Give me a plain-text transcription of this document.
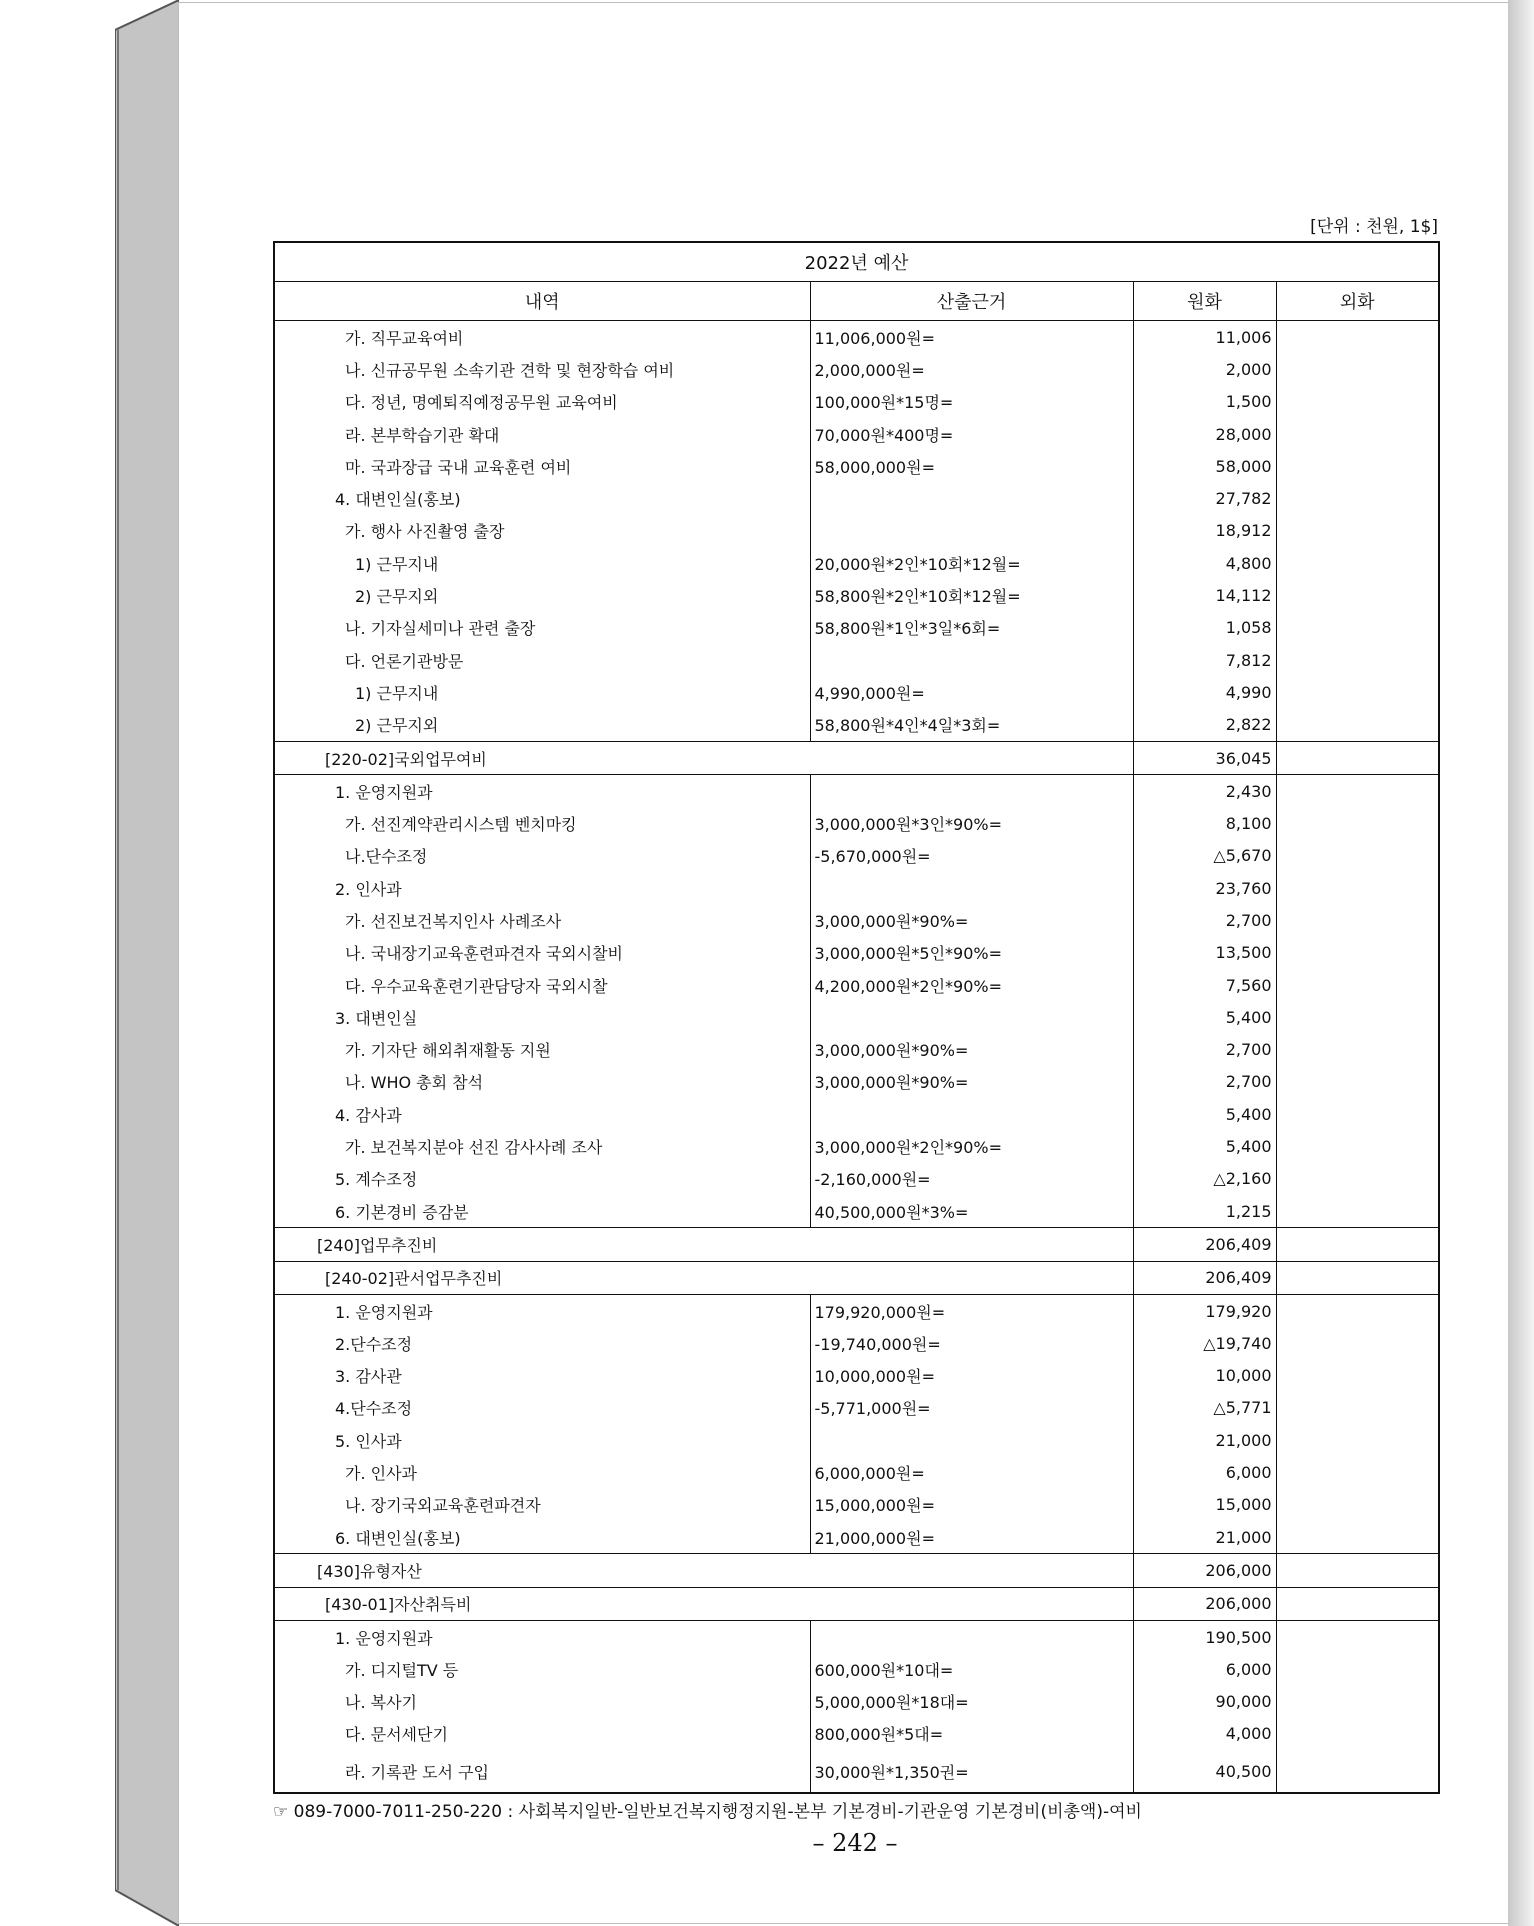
[단위 : 천원, 1$]
2022년 예산			
내역	산출근거	원화	외화
가. 직무교육여비	11,006,000원=	11,006	
나. 신규공무원 소속기관 견학 및 현장학습 여비	2,000,000원=	2,000	
다. 정년, 명예퇴직예정공무원 교육여비	100,000원*15명=	1,500	
라. 본부학습기관 확대	70,000원*400명=	28,000	
마. 국과장급 국내 교육훈련 여비	58,000,000원=	58,000	
4. 대변인실(홍보)		27,782	
가. 행사 사진촬영 출장		18,912	
1) 근무지내	20,000원*2인*10회*12월=	4,800	
2) 근무지외	58,800원*2인*10회*12월=	14,112	
나. 기자실세미나 관련 출장	58,800원*1인*3일*6회=	1,058	
다. 언론기관방문		7,812	
1) 근무지내	4,990,000원=	4,990	
2) 근무지외	58,800원*4인*4일*3회=	2,822	
[220-02]국외업무여비		36,045	
1. 운영지원과		2,430	
가. 선진계약관리시스템 벤치마킹	3,000,000원*3인*90%=	8,100	
나.단수조정	-5,670,000원=	△5,670	
2. 인사과		23,760	
가. 선진보건복지인사 사례조사	3,000,000원*90%=	2,700	
나. 국내장기교육훈련파견자 국외시찰비	3,000,000원*5인*90%=	13,500	
다. 우수교육훈련기관담당자 국외시찰	4,200,000원*2인*90%=	7,560	
3. 대변인실		5,400	
가. 기자단 해외취재활동 지원	3,000,000원*90%=	2,700	
나. WHO 총회 참석	3,000,000원*90%=	2,700	
4. 감사과		5,400	
가. 보건복지분야 선진 감사사례 조사	3,000,000원*2인*90%=	5,400	
5. 계수조정	-2,160,000원=	△2,160	
6. 기본경비 증감분	40,500,000원*3%=	1,215	
[240]업무추진비		206,409	
[240-02]관서업무추진비		206,409	
1. 운영지원과	179,920,000원=	179,920	
2.단수조정	-19,740,000원=	△19,740	
3. 감사관	10,000,000원=	10,000	
4.단수조정	-5,771,000원=	△5,771	
5. 인사과		21,000	
가. 인사과	6,000,000원=	6,000	
나. 장기국외교육훈련파견자	15,000,000원=	15,000	
6. 대변인실(홍보)	21,000,000원=	21,000	
[430]유형자산		206,000	
[430-01]자산취득비		206,000	
1. 운영지원과		190,500	
가. 디지털TV 등	600,000원*10대=	6,000	
나. 복사기	5,000,000원*18대=	90,000	
다. 문서세단기	800,000원*5대=	4,000	
라. 기록관 도서 구입	30,000원*1,350권=	40,500	
☞ 089-7000-7011-250-220 : 사회복지일반-일반보건복지행정지원-본부 기본경비-기관운영 기본경비(비총액)-여비
– 242 –
